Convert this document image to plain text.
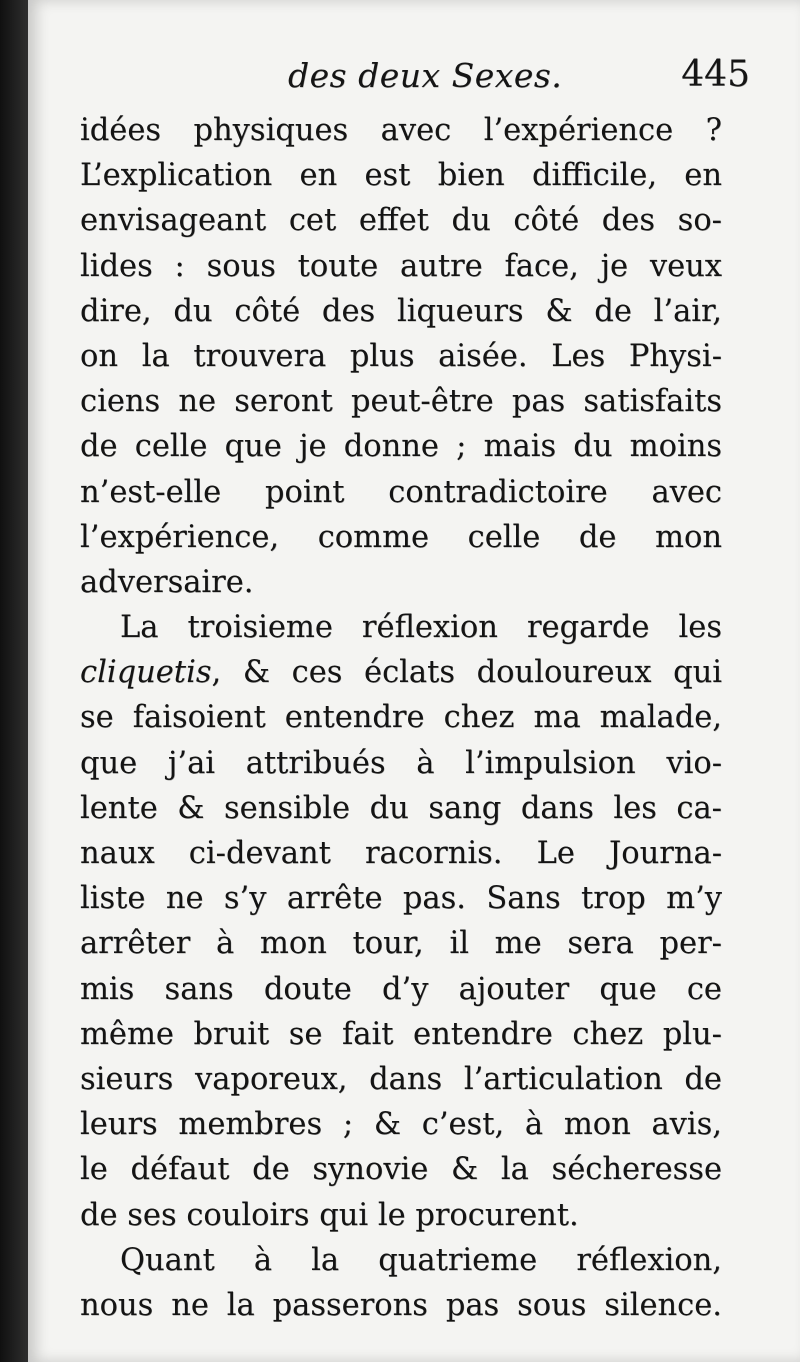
des deux Sexes.	445
idées physiques avec l’expérience ?
L’explication en est bien difficile, en
envisageant cet effet du côté des so-
lides : sous toute autre face, je veux
dire, du côté des liqueurs & de l’air,
on la trouvera plus aisée. Les Physi-
ciens ne seront peut-être pas satisfaits
de celle que je donne ; mais du moins
n’est-elle point contradictoire avec
l’expérience, comme celle de mon
adversaire.
La troisieme réflexion regarde les
cliquetis, & ces éclats douloureux qui
se faisoient entendre chez ma malade,
que j’ai attribués à l’impulsion vio-
lente & sensible du sang dans les ca-
naux ci-devant racornis. Le Journa-
liste ne s’y arrête pas. Sans trop m’y
arrêter à mon tour, il me sera per-
mis sans doute d’y ajouter que ce
même bruit se fait entendre chez plu-
sieurs vaporeux, dans l’articulation de
leurs membres ; & c’est, à mon avis,
le défaut de synovie & la sécheresse
de ses couloirs qui le procurent.
Quant à la quatrieme réflexion,
nous ne la passerons pas sous silence.
